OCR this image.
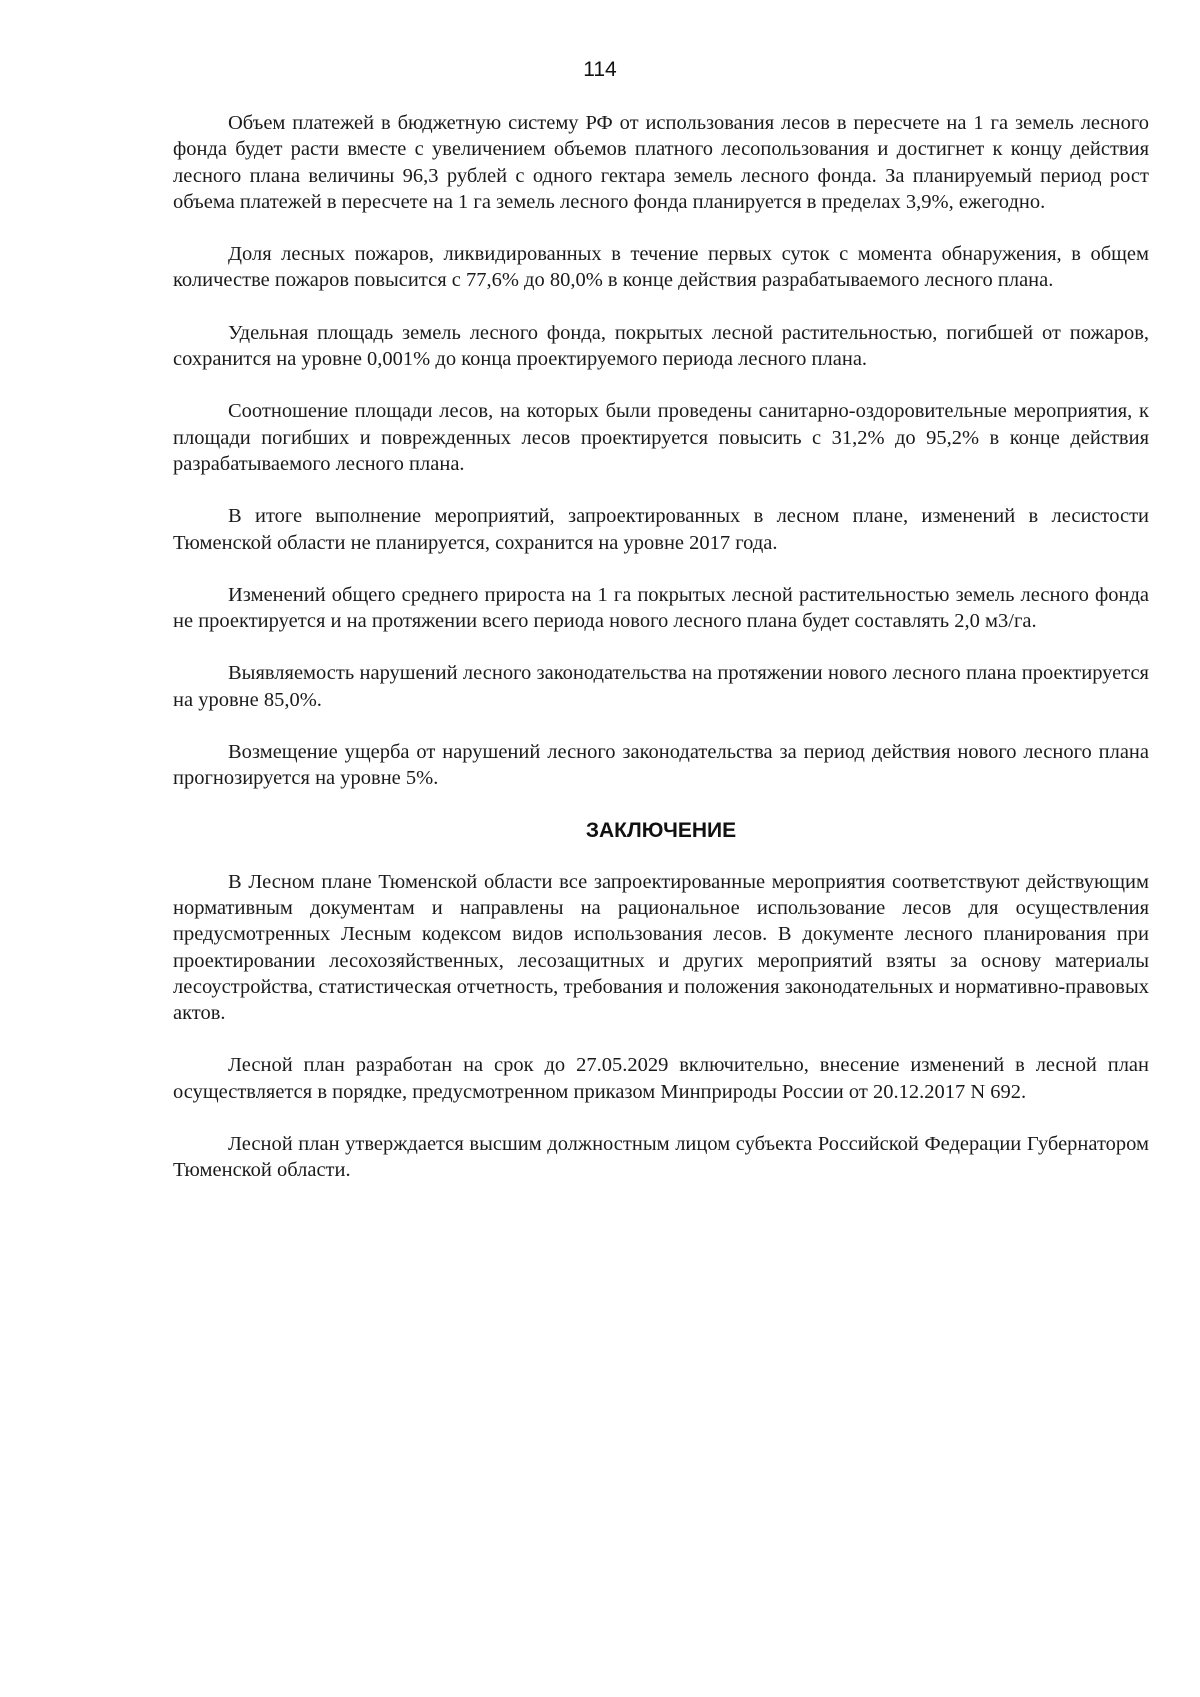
114

Объем платежей в бюджетную систему РФ от использования лесов в пересчете на 1 га земель лесного фонда будет расти вместе с увеличением объемов платного лесопользования и достигнет к концу действия лесного плана величины 96,3 рублей с одного гектара земель лесного фонда. За планируемый период рост объема платежей в пересчете на 1 га земель лесного фонда планируется в пределах 3,9%, ежегодно.

Доля лесных пожаров, ликвидированных в течение первых суток с момента обнаружения, в общем количестве пожаров повысится с 77,6% до 80,0% в конце действия разрабатываемого лесного плана.

Удельная площадь земель лесного фонда, покрытых лесной растительностью, погибшей от пожаров, сохранится на уровне 0,001% до конца проектируемого периода лесного плана.

Соотношение площади лесов, на которых были проведены санитарно-оздоровительные мероприятия, к площади погибших и поврежденных лесов проектируется повысить с 31,2% до 95,2% в конце действия разрабатываемого лесного плана.

В итоге выполнение мероприятий, запроектированных в лесном плане, изменений в лесистости Тюменской области не планируется, сохранится на уровне 2017 года.

Изменений общего среднего прироста на 1 га покрытых лесной растительностью земель лесного фонда не проектируется и на протяжении всего периода нового лесного плана будет составлять 2,0 м3/га.

Выявляемость нарушений лесного законодательства на протяжении нового лесного плана проектируется на уровне 85,0%.

Возмещение ущерба от нарушений лесного законодательства за период действия нового лесного плана прогнозируется на уровне 5%.

ЗАКЛЮЧЕНИЕ

В Лесном плане Тюменской области все запроектированные мероприятия соответствуют действующим нормативным документам и направлены на рациональное использование лесов для осуществления предусмотренных Лесным кодексом видов использования лесов. В документе лесного планирования при проектировании лесохозяйственных, лесозащитных и других мероприятий взяты за основу материалы лесоустройства, статистическая отчетность, требования и положения законодательных и нормативно-правовых актов.

Лесной план разработан на срок до 27.05.2029 включительно, внесение изменений в лесной план осуществляется в порядке, предусмотренном приказом Минприроды России от 20.12.2017 N 692.

Лесной план утверждается высшим должностным лицом субъекта Российской Федерации Губернатором Тюменской области.
